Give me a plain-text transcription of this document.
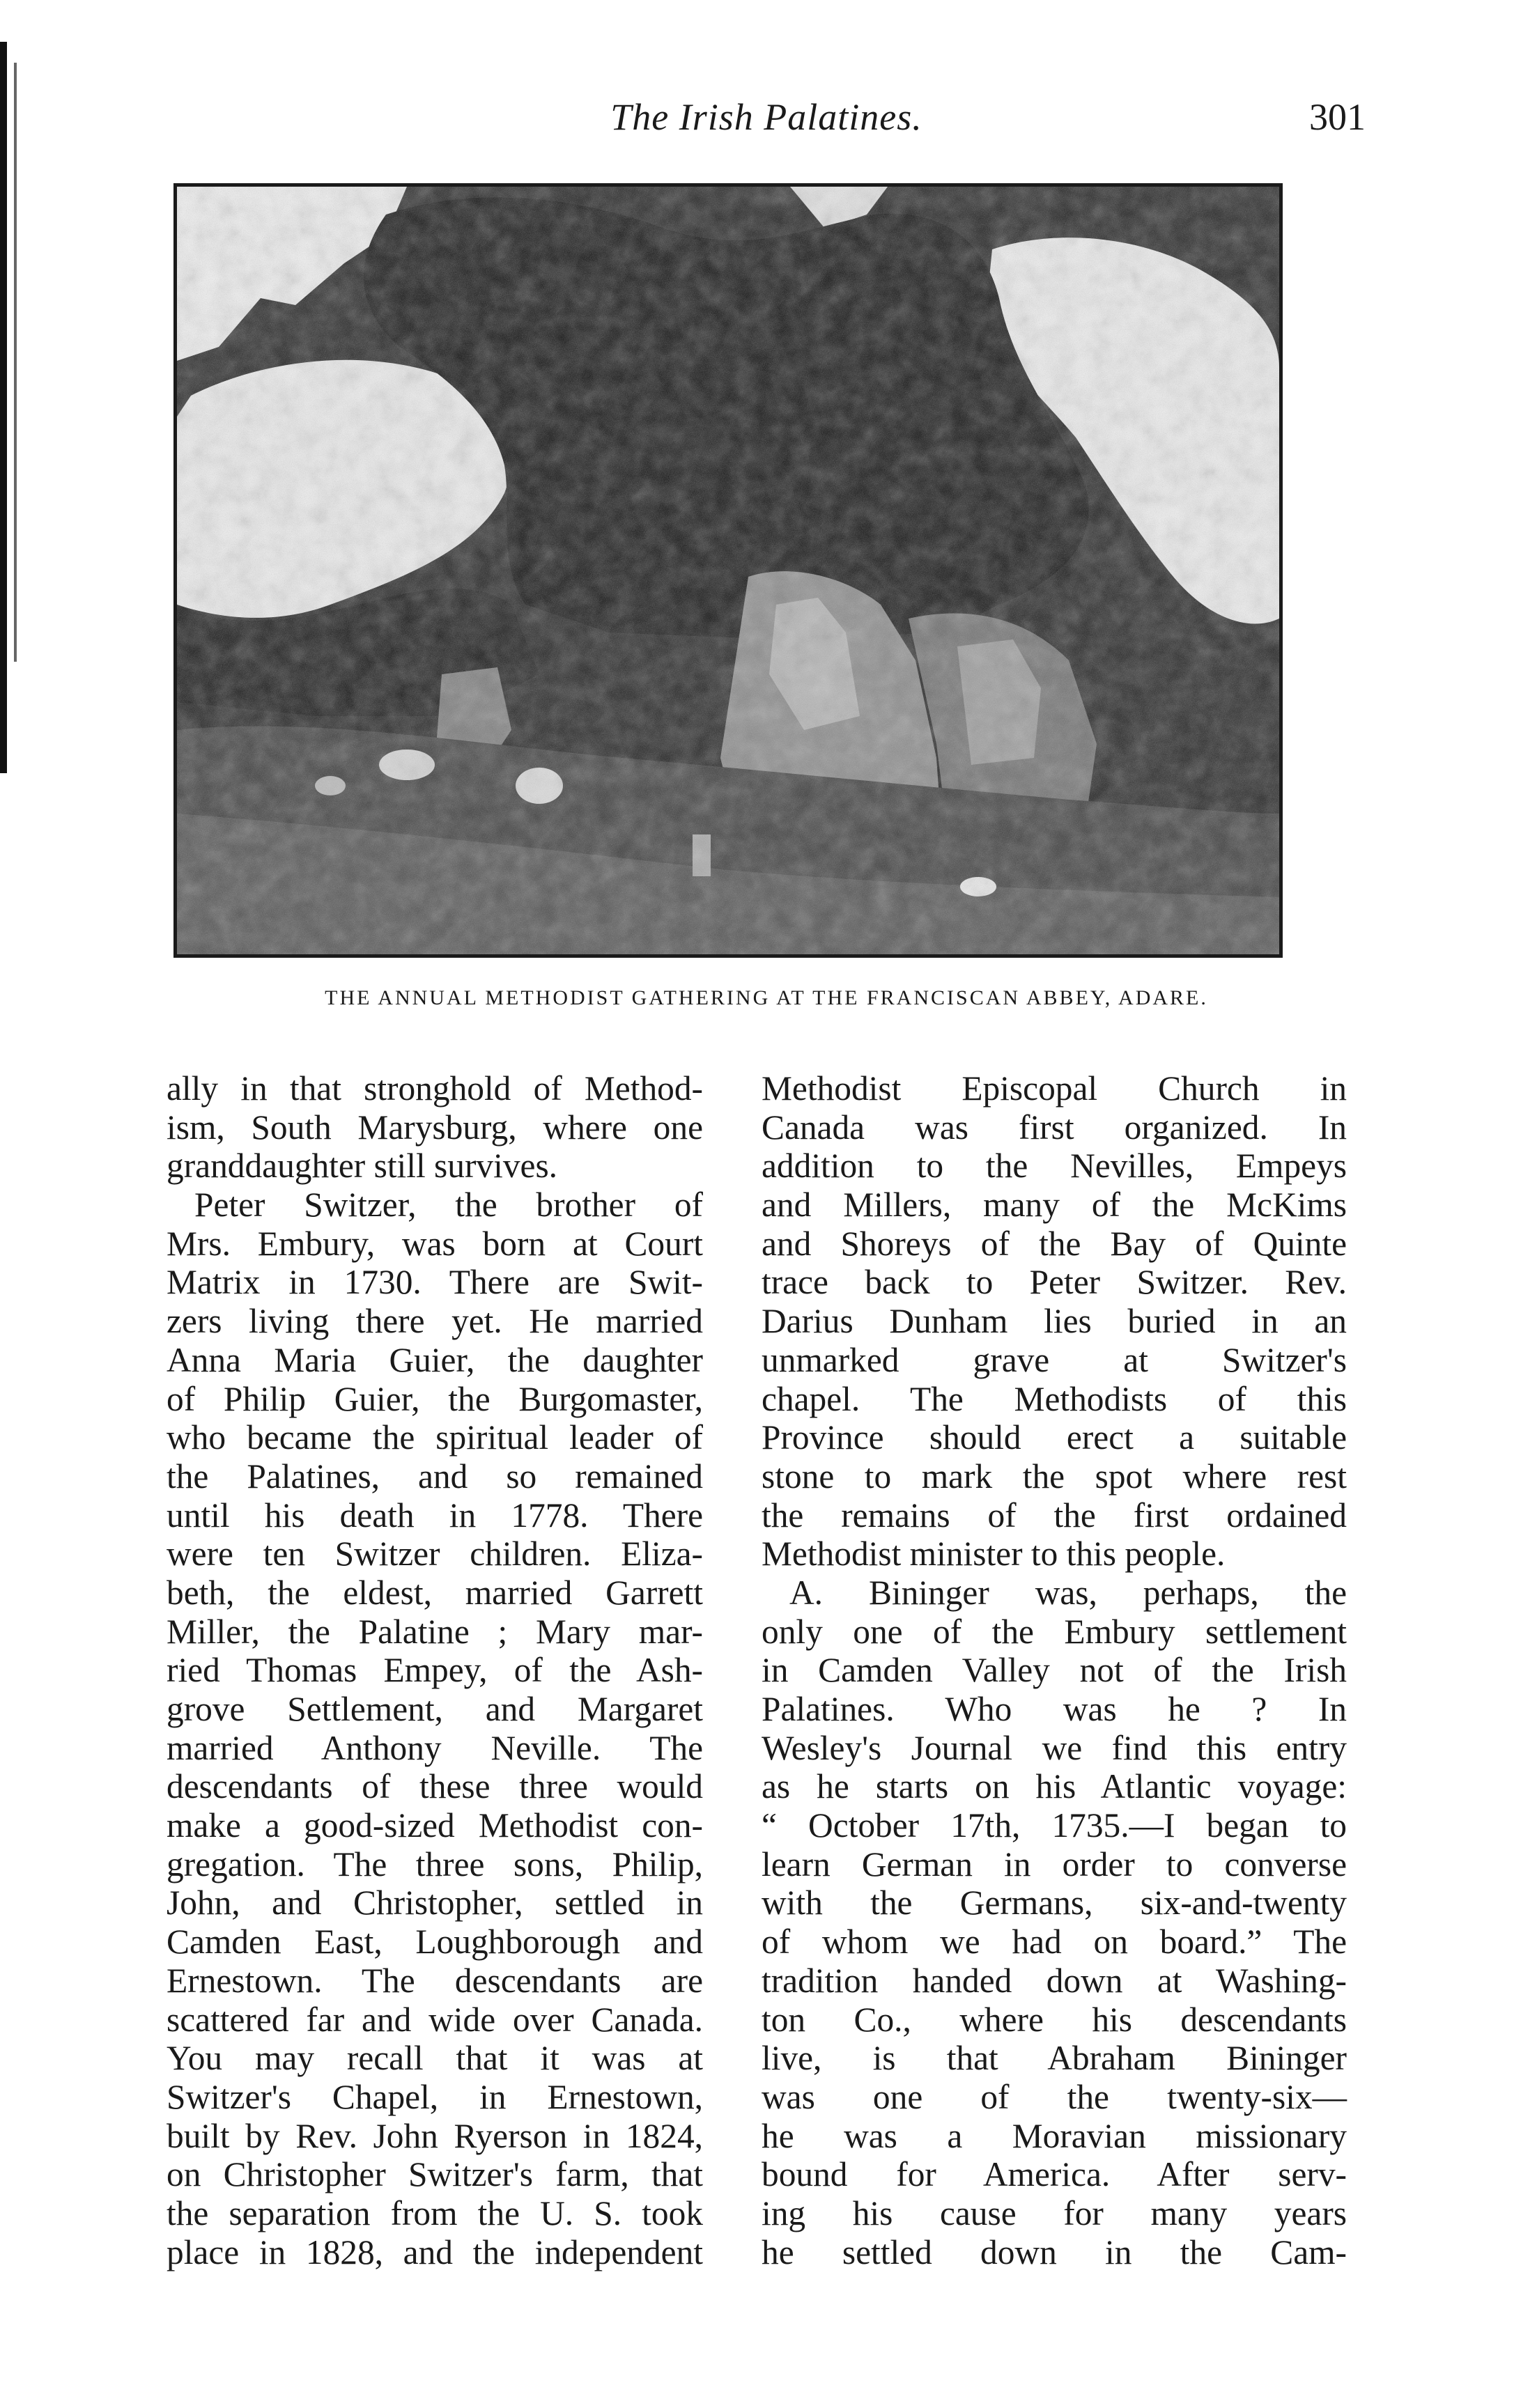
The Irish Palatines.	301
THE ANNUAL METHODIST GATHERING AT THE FRANCISCAN ABBEY, ADARE.
ally in that stronghold of Method-
ism, South Marysburg, where one
granddaughter still survives.
Peter Switzer, the brother of
Mrs. Embury, was born at Court
Matrix in 1730. There are Swit-
zers living there yet. He married
Anna Maria Guier, the daughter
of Philip Guier, the Burgomaster,
who became the spiritual leader of
the Palatines, and so remained
until his death in 1778. There
were ten Switzer children. Eliza-
beth, the eldest, married Garrett
Miller, the Palatine ; Mary mar-
ried Thomas Empey, of the Ash-
grove Settlement, and Margaret
married Anthony Neville. The
descendants of these three would
make a good-sized Methodist con-
gregation. The three sons, Philip,
John, and Christopher, settled in
Camden East, Loughborough and
Ernestown. The descendants are
scattered far and wide over Canada.
You may recall that it was at
Switzer's Chapel, in Ernestown,
built by Rev. John Ryerson in 1824,
on Christopher Switzer's farm, that
the separation from the U. S. took
place in 1828, and the independent
Methodist Episcopal Church in
Canada was first organized. In
addition to the Nevilles, Empeys
and Millers, many of the McKims
and Shoreys of the Bay of Quinte
trace back to Peter Switzer. Rev.
Darius Dunham lies buried in an
unmarked grave at Switzer's
chapel. The Methodists of this
Province should erect a suitable
stone to mark the spot where rest
the remains of the first ordained
Methodist minister to this people.
A. Bininger was, perhaps, the
only one of the Embury settlement
in Camden Valley not of the Irish
Palatines. Who was he ? In
Wesley's Journal we find this entry
as he starts on his Atlantic voyage:
“ October 17th, 1735.—I began to
learn German in order to converse
with the Germans, six-and-twenty
of whom we had on board.” The
tradition handed down at Washing-
ton Co., where his descendants
live, is that Abraham Bininger
was one of the twenty-six—
he was a Moravian missionary
bound for America. After serv-
ing his cause for many years
he settled down in the Cam-
